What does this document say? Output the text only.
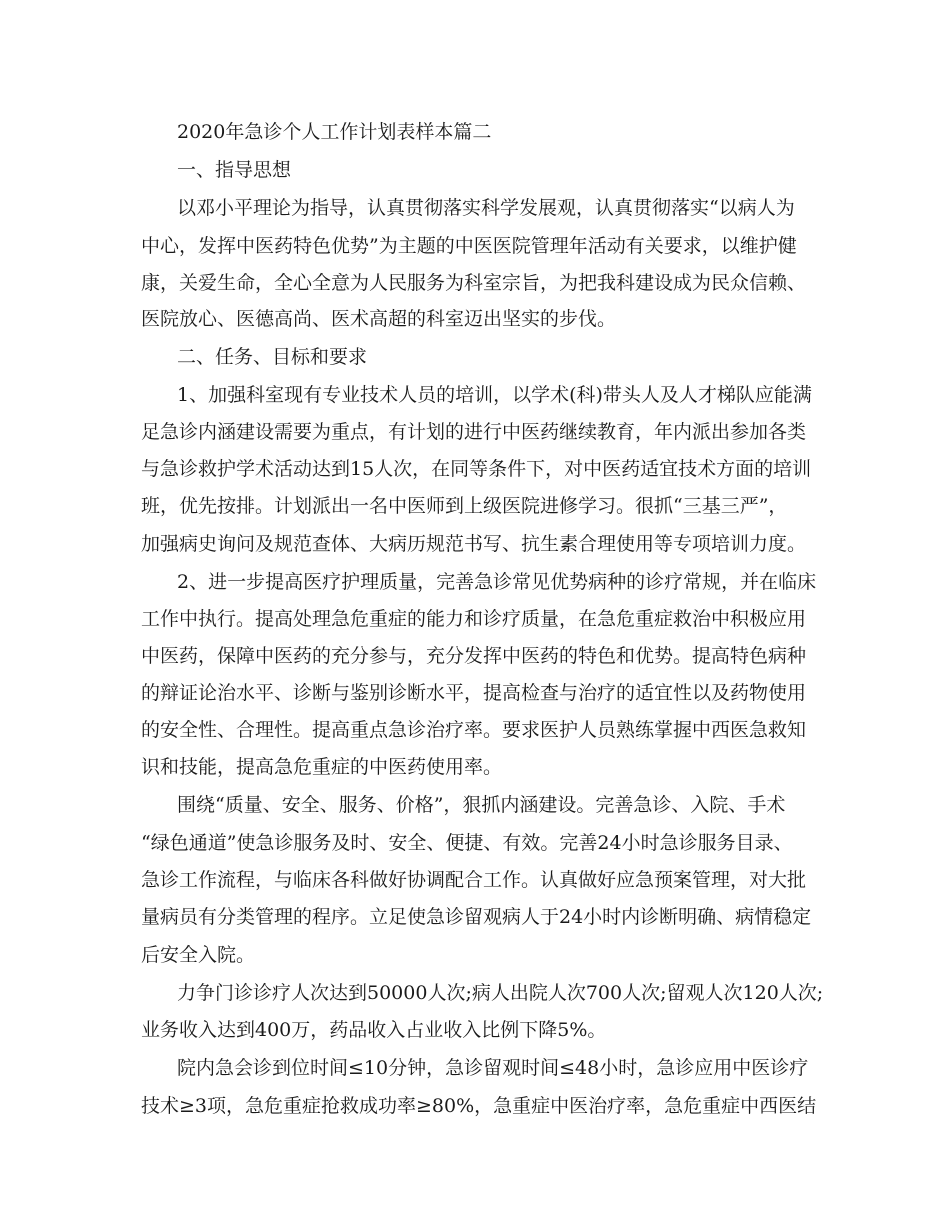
2020年急诊个人工作计划表样本篇二
一、指导思想
以邓小平理论为指导，认真贯彻落实科学发展观，认真贯彻落实“以病人为
中心，发挥中医药特色优势”为主题的中医医院管理年活动有关要求，以维护健
康，关爱生命，全心全意为人民服务为科室宗旨，为把我科建设成为民众信赖、
医院放心、医德高尚、医术高超的科室迈出坚实的步伐。
二、任务、目标和要求
1、加强科室现有专业技术人员的培训，以学术(科)带头人及人才梯队应能满
足急诊内涵建设需要为重点，有计划的进行中医药继续教育，年内派出参加各类
与急诊救护学术活动达到15人次，在同等条件下，对中医药适宜技术方面的培训
班，优先按排。计划派出一名中医师到上级医院进修学习。很抓“三基三严”，
加强病史询问及规范查体、大病历规范书写、抗生素合理使用等专项培训力度。
2、进一步提高医疗护理质量，完善急诊常见优势病种的诊疗常规，并在临床
工作中执行。提高处理急危重症的能力和诊疗质量，在急危重症救治中积极应用
中医药，保障中医药的充分参与，充分发挥中医药的特色和优势。提高特色病种
的辩证论治水平、诊断与鉴别诊断水平，提高检查与治疗的适宜性以及药物使用
的安全性、合理性。提高重点急诊治疗率。要求医护人员熟练掌握中西医急救知
识和技能，提高急危重症的中医药使用率。
围绕“质量、安全、服务、价格”，狠抓内涵建设。完善急诊、入院、手术
“绿色通道”使急诊服务及时、安全、便捷、有效。完善24小时急诊服务目录、
急诊工作流程，与临床各科做好协调配合工作。认真做好应急预案管理，对大批
量病员有分类管理的程序。立足使急诊留观病人于24小时内诊断明确、病情稳定
后安全入院。
力争门诊诊疗人次达到50000人次;病人出院人次700人次;留观人次120人次;
业务收入达到400万，药品收入占业收入比例下降5%。
院内急会诊到位时间≤10分钟，急诊留观时间≤48小时，急诊应用中医诊疗
技术≥3项，急危重症抢救成功率≥80%，急重症中医治疗率，急危重症中西医结
